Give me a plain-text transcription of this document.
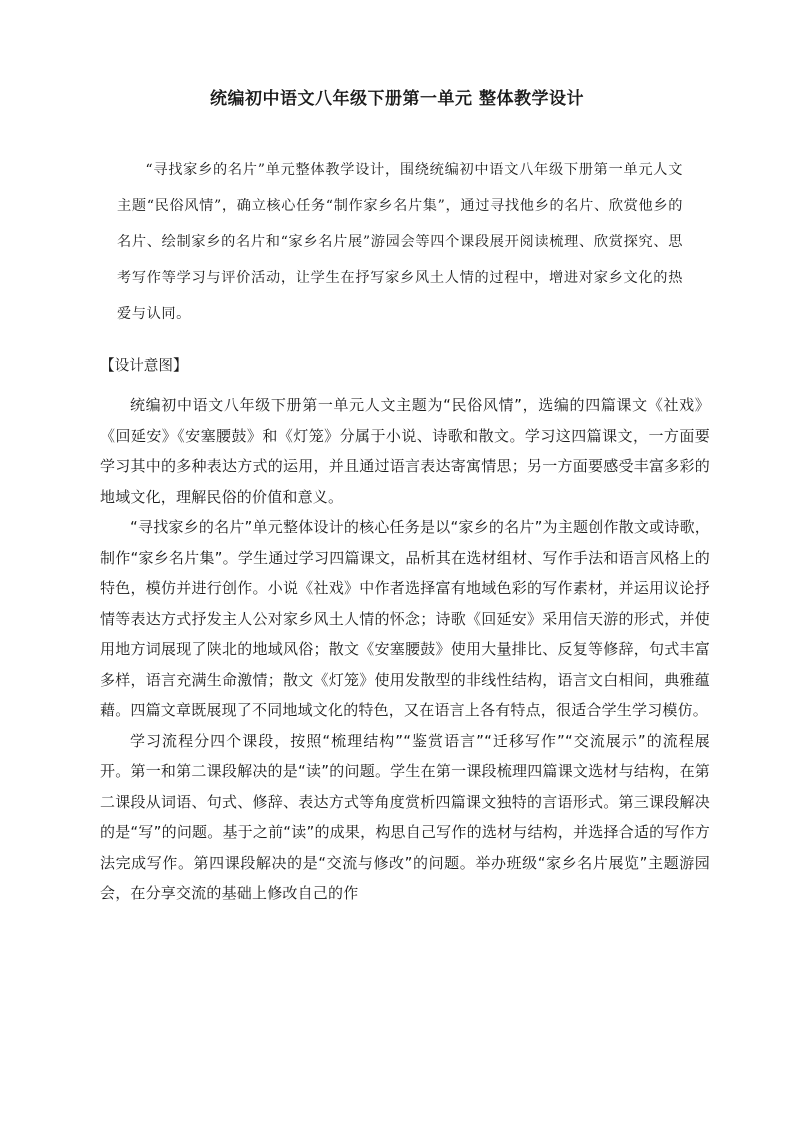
统编初中语文八年级下册第一单元 整体教学设计

“寻找家乡的名片”单元整体教学设计，围绕统编初中语文八年级下册第一单元人文主题“民俗风情”，确立核心任务“制作家乡名片集”，通过寻找他乡的名片、欣赏他乡的名片、绘制家乡的名片和“家乡名片展”游园会等四个课段展开阅读梳理、欣赏探究、思考写作等学习与评价活动，让学生在抒写家乡风土人情的过程中，增进对家乡文化的热爱与认同。

【设计意图】

统编初中语文八年级下册第一单元人文主题为“民俗风情”，选编的四篇课文《社戏》《回延安》《安塞腰鼓》和《灯笼》分属于小说、诗歌和散文。学习这四篇课文，一方面要学习其中的多种表达方式的运用，并且通过语言表达寄寓情思；另一方面要感受丰富多彩的地域文化，理解民俗的价值和意义。

“寻找家乡的名片”单元整体设计的核心任务是以“家乡的名片”为主题创作散文或诗歌，制作“家乡名片集”。学生通过学习四篇课文，品析其在选材组材、写作手法和语言风格上的特色，模仿并进行创作。小说《社戏》中作者选择富有地域色彩的写作素材，并运用议论抒情等表达方式抒发主人公对家乡风土人情的怀念；诗歌《回延安》采用信天游的形式，并使用地方词展现了陕北的地域风俗；散文《安塞腰鼓》使用大量排比、反复等修辞，句式丰富多样，语言充满生命激情；散文《灯笼》使用发散型的非线性结构，语言文白相间，典雅蕴藉。四篇文章既展现了不同地域文化的特色，又在语言上各有特点，很适合学生学习模仿。

学习流程分四个课段，按照“梳理结构”“鉴赏语言”“迁移写作”“交流展示”的流程展开。第一和第二课段解决的是“读”的问题。学生在第一课段梳理四篇课文选材与结构，在第二课段从词语、句式、修辞、表达方式等角度赏析四篇课文独特的言语形式。第三课段解决的是“写”的问题。基于之前“读”的成果，构思自己写作的选材与结构，并选择合适的写作方法完成写作。第四课段解决的是“交流与修改”的问题。举办班级“家乡名片展览”主题游园会，在分享交流的基础上修改自己的作
